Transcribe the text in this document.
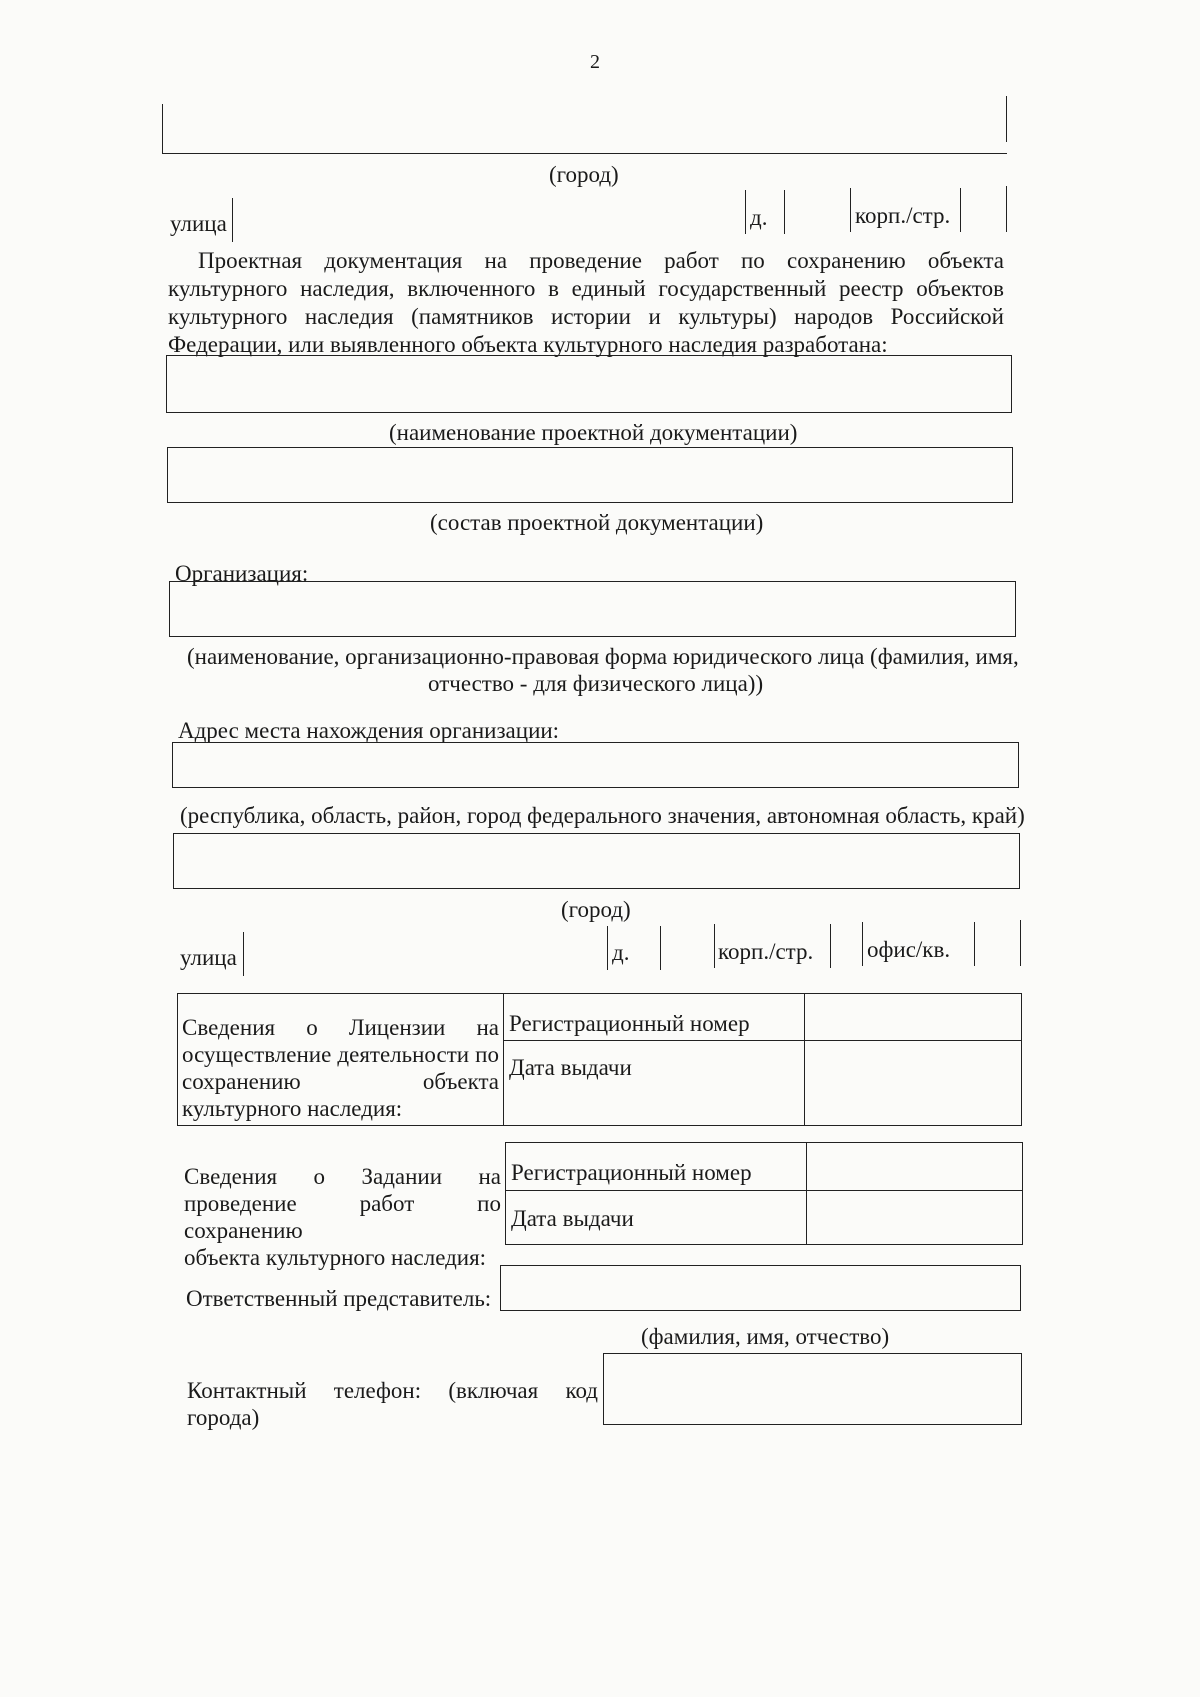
2
(город)
улица	д.	корп./стр.
Проектная документация на проведение работ по сохранению объекта культурного наследия, включенного в единый государственный реестр объектов культурного наследия (памятников истории и культуры) народов Российской Федерации, или выявленного объекта культурного наследия разработана:
(наименование проектной документации)
(состав проектной документации)
Организация:
(наименование, организационно-правовая форма юридического лица (фамилия, имя,
отчество - для физического лица))
Адрес места нахождения организации:
(республика, область, район, город федерального значения, автономная область, край)
(город)
улица	д.	корп./стр. офис/кв.
Сведения о Лицензии на
осуществление деятельности по
сохранению объекта
культурного наследия:	Регистрационный номер	

	Дата выдачи	

Сведения о Задании на
проведение работ по сохранению
объекта культурного наследия:
Регистрационный номер	

Дата выдачи	

Ответственный представитель:
(фамилия, имя, отчество)
Контактный телефон: (включая код
города)
